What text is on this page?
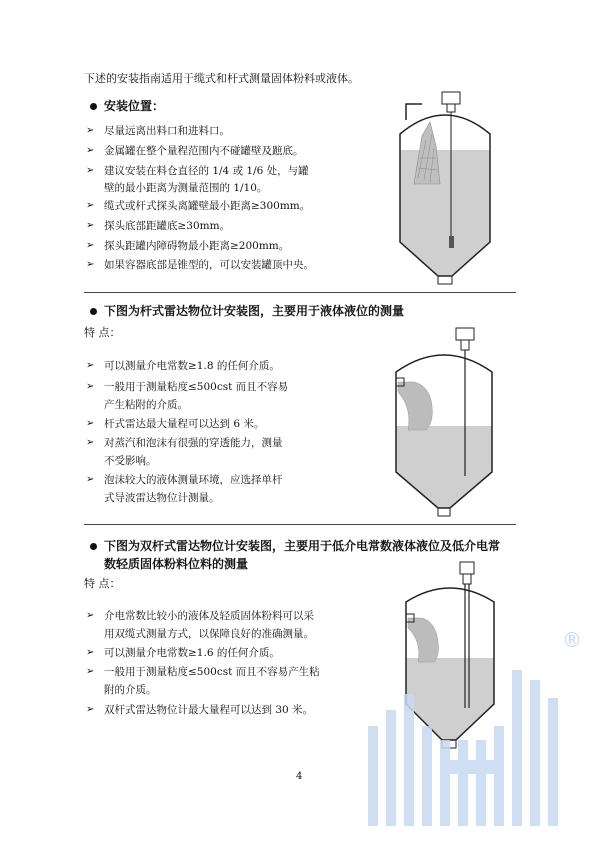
下述的安装指南适用于缆式和杆式测量固体粉料或液体。
安装位置：
➢ 尽量远离出料口和进料口。
➢ 金属罐在整个量程范围内不碰罐壁及蹠底。
➢ 建议安装在料仓直径的 1/4 或 1/6 处，与罐
壁的最小距离为测量范围的 1/10。
➢ 缆式或杆式探头离罐壁最小距离≥300mm。
➢ 探头底部距罐底≥30mm。
➢ 探头距罐内障碍物最小距离≥200mm。
➢ 如果容器底部是锥型的，可以安装罐顶中央。
下图为杆式雷达物位计安装图，主要用于液体液位的测量
特 点：
➢ 可以测量介电常数≥1.8 的任何介质。
➢ 一般用于测量粘度≤500cst 而且不容易
产生粘附的介质。
➢ 杆式雷达最大量程可以达到 6 米。
➢ 对蒸汽和泡沫有很强的穿透能力，测量
不受影响。
➢ 泡沫较大的液体测量环境，应选择单杆
式导波雷达物位计测量。
下图为双杆式雷达物位计安装图，主要用于低介电常数液体液位及低介电常
数轻质固体粉料位料的测量
特 点：
➢ 介电常数比较小的液体及轻质固体粉料可以采
用双缆式测量方式，以保障良好的准确测量。
➢ 可以测量介电常数≥1.6 的任何介质。
➢ 一般用于测量粘度≤500cst 而且不容易产生粘
附的介质。
➢ 双杆式雷达物位计最大量程可以达到 30 米。
®
4
